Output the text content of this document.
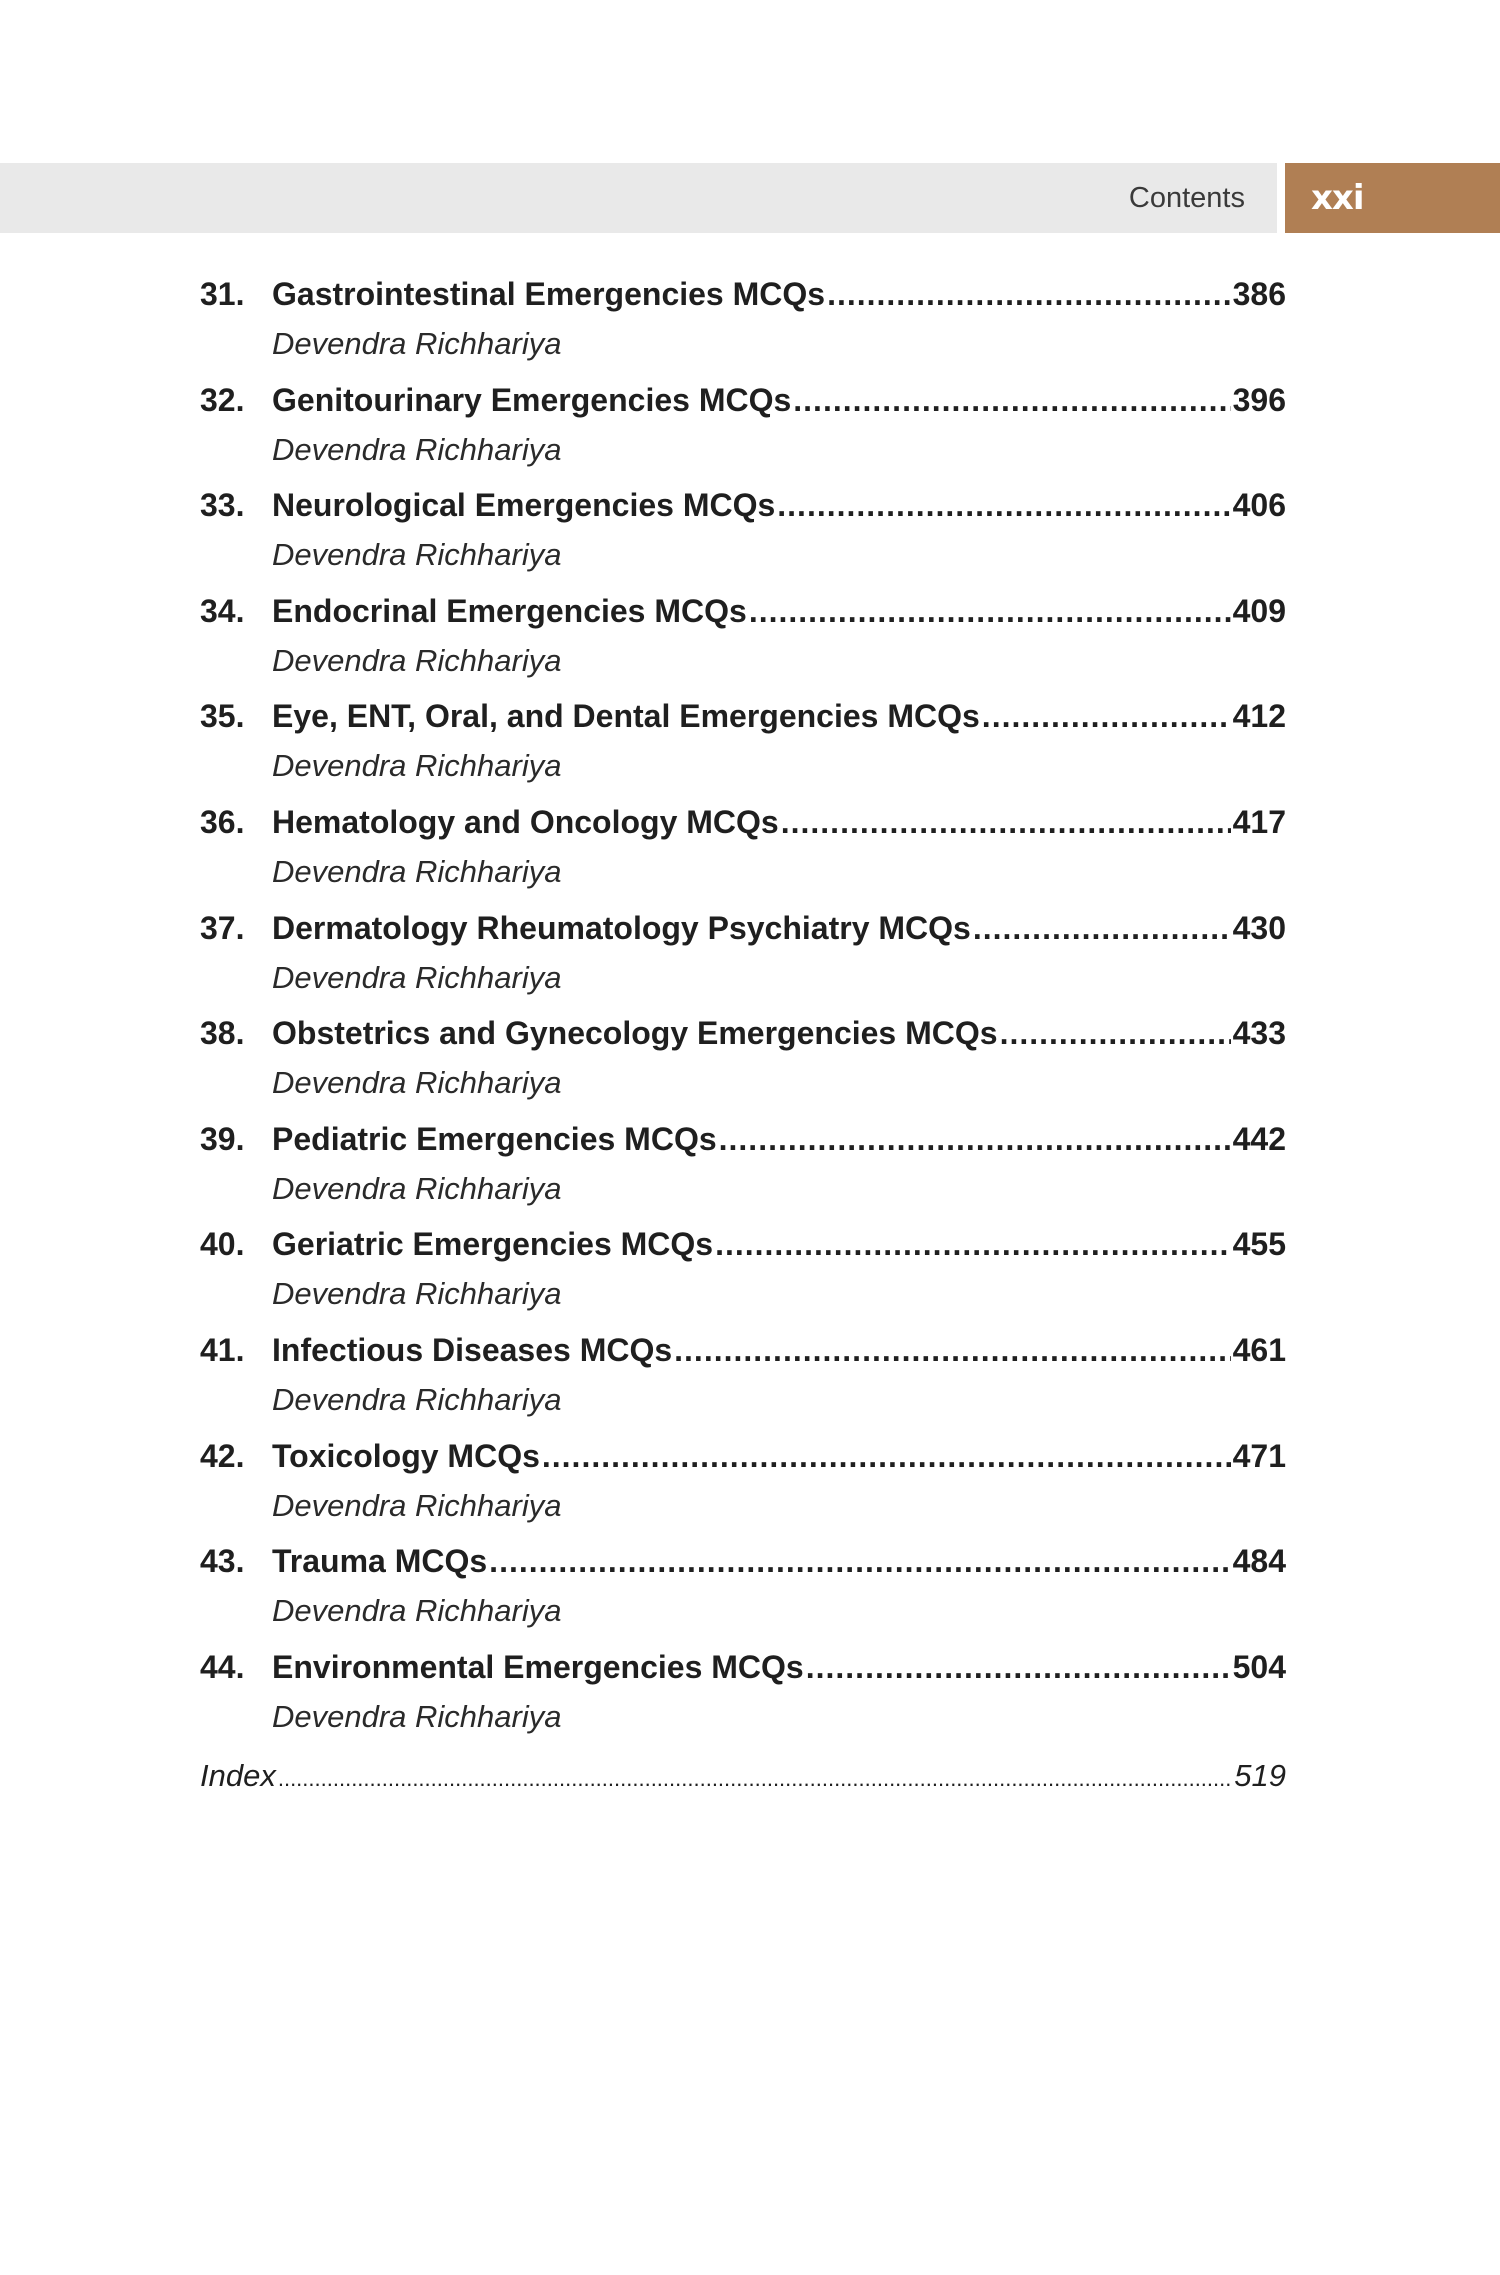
Contents xxi
31. Gastrointestinal Emergencies MCQs .....	386
Devendra Richhariya
32. Genitourinary Emergencies MCQs .....	396
Devendra Richhariya
33. Neurological Emergencies MCQs .....	406
Devendra Richhariya
34. Endocrinal Emergencies MCQs .....	409
Devendra Richhariya
35. Eye, ENT, Oral, and Dental Emergencies MCQs .....	412
Devendra Richhariya
36. Hematology and Oncology MCQs .....	417
Devendra Richhariya
37. Dermatology Rheumatology Psychiatry MCQs .....	430
Devendra Richhariya
38. Obstetrics and Gynecology Emergencies MCQs .....	433
Devendra Richhariya
39. Pediatric Emergencies MCQs .....	442
Devendra Richhariya
40. Geriatric Emergencies MCQs .....	455
Devendra Richhariya
41. Infectious Diseases MCQs .....	461
Devendra Richhariya
42. Toxicology MCQs .....	471
Devendra Richhariya
43. Trauma MCQs .....	484
Devendra Richhariya
44. Environmental Emergencies MCQs .....	504
Devendra Richhariya
Index .....	519
